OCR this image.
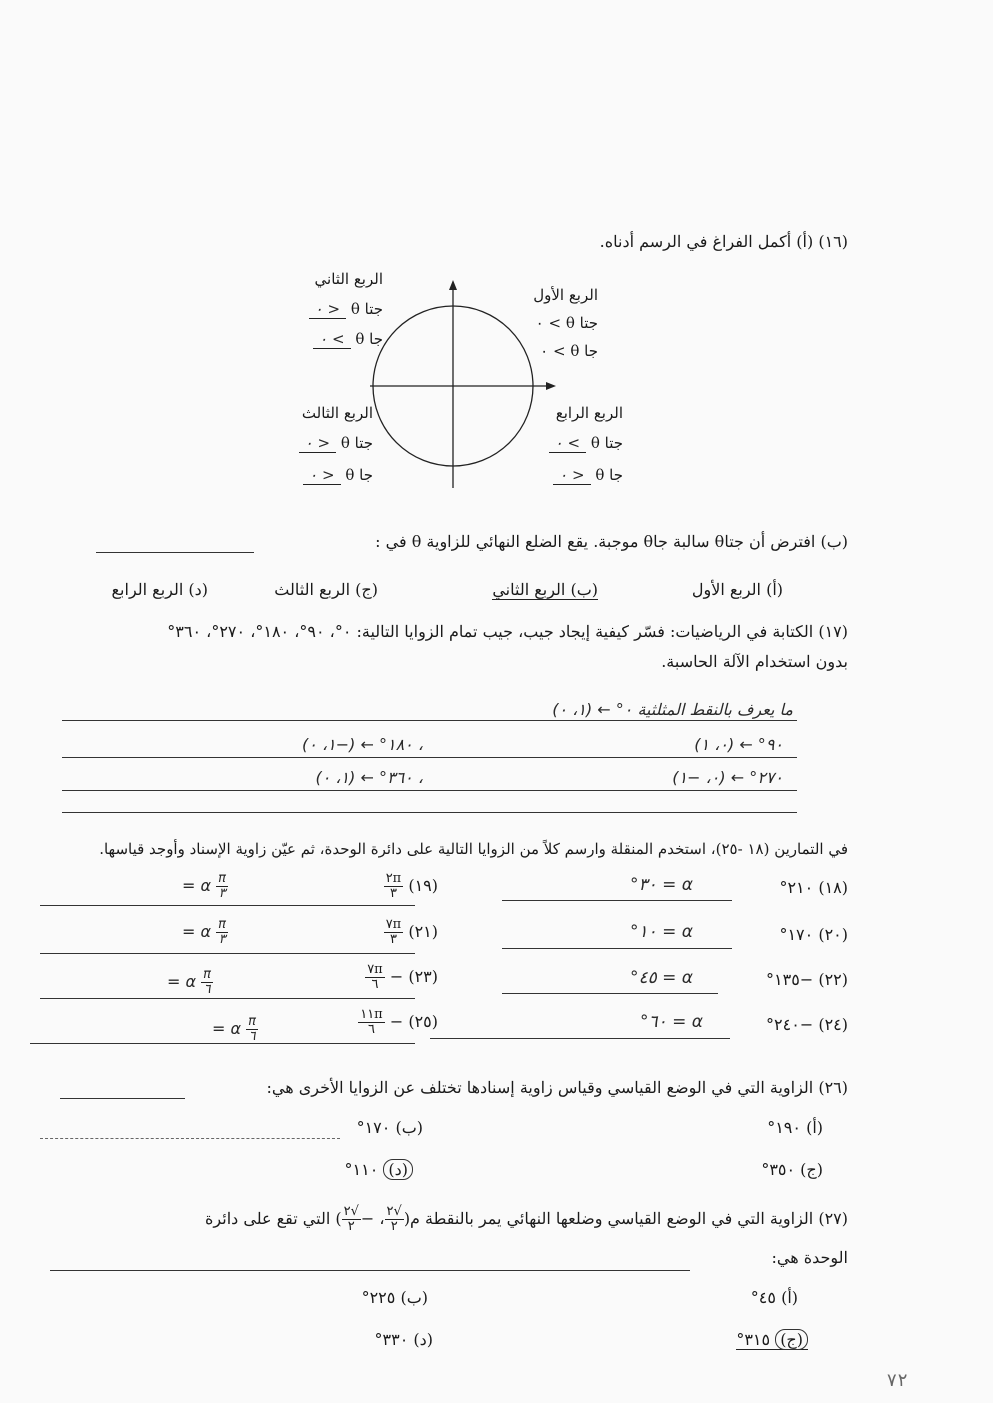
(١٦) (أ) أكمل الفراغ في الرسم أدناه.
الربع الثاني
جتا θ < ٠
جا θ > ٠
الربع الأول
جتا θ > ٠
جا θ > ٠
الربع الثالث
جتا θ < ٠
جا θ < ٠
الربع الرابع
جتا θ > ٠
جا θ < ٠
(ب) افترض أن جتاθ سالبة جاθ موجبة. يقع الضلع النهائي للزاوية θ في :
(أ) الربع الأول
(ب) الربع الثاني
(ج) الربع الثالث
(د) الربع الرابع
(١٧) الكتابة في الرياضيات: فسّر كيفية إيجاد جيب، جيب تمام الزوايا التالية: ٠°، ٩٠°، ١٨٠°، ٢٧٠°، ٣٦٠°
بدون استخدام الآلة الحاسبة.
ما يعرف بالنقط المثلثية ٠° ← (١، ٠)
٩٠° ← (٠، ١)
، ١٨٠° ← (−١، ٠)
٢٧٠° ← (٠، −١)
، ٣٦٠° ← (١، ٠)
في التمارين (١٨ -٢٥)، استخدم المنقلة وارسم كلاً من الزوايا التالية على دائرة الوحدة، ثم عيّن زاوية الإسناد وأوجد قياسها.
(١٨) ٢١٠°
α = ٣٠°
(١٩)
$\frac{٢\pi}{٣}$
$\frac{\pi}{٣}$
α =
(٢٠) ١٧٠°
α = ١٠°
(٢١)
$\frac{٧\pi}{٣}$
$\frac{\pi}{٣}$
α =
(٢٢) −١٣٥°
α = ٤٥°
(٢٣) −
$\frac{٧\pi}{٦}$
$\frac{\pi}{٦}$
α =
(٢٤) −٢٤٠°
α = ٦٠°
(٢٥) −
$\frac{١١\pi}{٦}$
$\frac{\pi}{٦}$
α =
(٢٦) الزاوية التي في الوضع القياسي وقياس زاوية إسنادها تختلف عن الزوايا الأخرى هي:
(أ) ١٩٠°
(ب) ١٧٠°
(ج) ٣٥٠°
(د) ١١٠°
(٢٧) الزاوية التي في الوضع القياسي وضلعها النهائي يمر بالنقطة م(
$\frac{√٢}{٢}$
، −
$\frac{√٢}{٢}$
) التي تقع على دائرة
الوحدة هي:
(أ) ٤٥°
(ب) ٢٢٥°
(ج) ٣١٥°
(د) ٣٣٠°
٧٢
